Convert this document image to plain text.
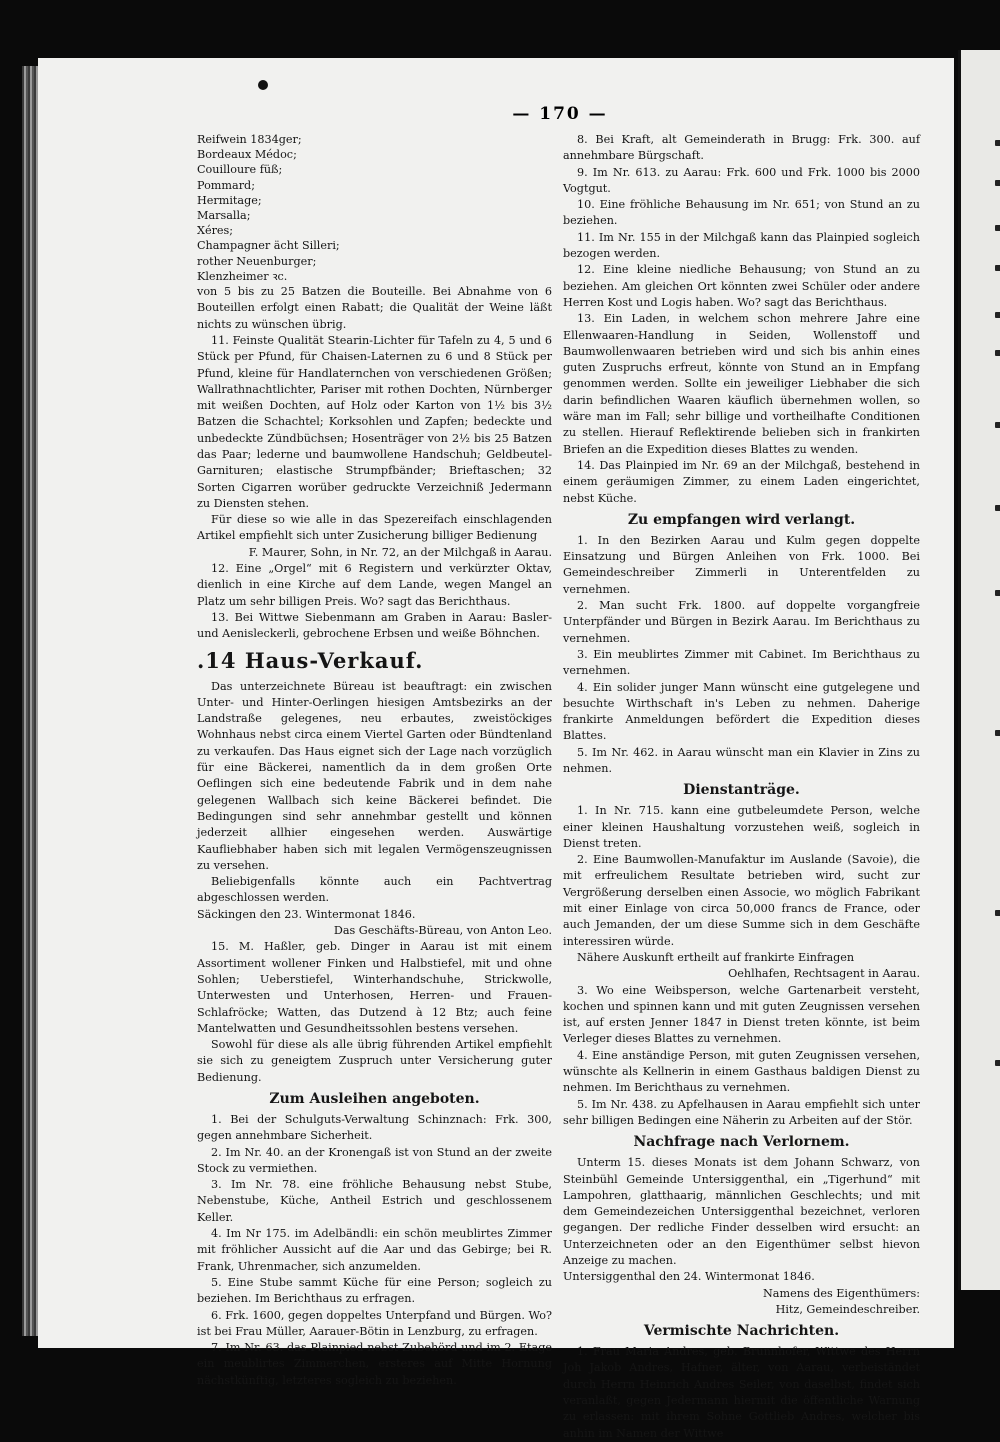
— 170 —

Reifwein 1834ger;

Bordeaux Médoc;

Couilloure füß;

Pommard;

Hermitage;

Marsalla;

Xéres;

Champagner ächt Silleri;

rother Neuenburger;

Klenzheimer ꝛc.

von 5 bis zu 25 Batzen die Bouteille. Bei Abnahme von 6 Bouteillen erfolgt einen Rabatt; die Qualität der Weine läßt nichts zu wünschen übrig.

11. Feinste Qualität Stearin-Lichter für Tafeln zu 4, 5 und 6 Stück per Pfund, für Chaisen-Laternen zu 6 und 8 Stück per Pfund, kleine für Handlaternchen von verschiedenen Größen; Wallrathnachtlichter, Pariser mit rothen Dochten, Nürnberger mit weißen Dochten, auf Holz oder Karton von 1½ bis 3½ Batzen die Schachtel; Korksohlen und Zapfen; bedeckte und unbedeckte Zündbüchsen; Hosenträger von 2½ bis 25 Batzen das Paar; lederne und baumwollene Handschuh; Geldbeutel-Garnituren; elastische Strumpfbänder; Brieftaschen; 32 Sorten Cigarren worüber gedruckte Verzeichniß Jedermann zu Diensten stehen.

Für diese so wie alle in das Spezereifach einschlagenden Artikel empfiehlt sich unter Zusicherung billiger Bedienung

F. Maurer, Sohn, in Nr. 72, an der Milchgaß in Aarau.

12. Eine „Orgel“ mit 6 Registern und verkürzter Oktav, dienlich in eine Kirche auf dem Lande, wegen Mangel an Platz um sehr billigen Preis. Wo? sagt das Berichthaus.

13. Bei Wittwe Siebenmann am Graben in Aarau: Basler- und Aenisleckerli, gebrochene Erbsen und weiße Böhnchen.

.14 Haus-Verkauf.

Das unterzeichnete Büreau ist beauftragt: ein zwischen Unter- und Hinter-Oerlingen hiesigen Amtsbezirks an der Landstraße gelegenes, neu erbautes, zweistöckiges Wohnhaus nebst circa einem Viertel Garten oder Bündtenland zu verkaufen. Das Haus eignet sich der Lage nach vorzüglich für eine Bäckerei, namentlich da in dem großen Orte Oeflingen sich eine bedeutende Fabrik und in dem nahe gelegenen Wallbach sich keine Bäckerei befindet. Die Bedingungen sind sehr annehmbar gestellt und können jederzeit allhier eingesehen werden. Auswärtige Kaufliebhaber haben sich mit legalen Vermögenszeugnissen zu versehen.

Beliebigenfalls könnte auch ein Pachtvertrag abgeschlossen werden.

Säckingen den 23. Wintermonat 1846.

Das Geschäfts-Büreau, von Anton Leo.

15. M. Haßler, geb. Dinger in Aarau ist mit einem Assortiment wollener Finken und Halbstiefel, mit und ohne Sohlen; Ueberstiefel, Winterhandschuhe, Strickwolle, Unterwesten und Unterhosen, Herren- und Frauen-Schlafröcke; Watten, das Dutzend à 12 Btz; auch feine Mantelwatten und Gesundheitssohlen bestens versehen.

Sowohl für diese als alle übrig führenden Artikel empfiehlt sie sich zu geneigtem Zuspruch unter Versicherung guter Bedienung.

Zum Ausleihen angeboten.

1. Bei der Schulguts-Verwaltung Schinznach: Frk. 300, gegen annehmbare Sicherheit.

2. Im Nr. 40. an der Kronengaß ist von Stund an der zweite Stock zu vermiethen.

3. Im Nr. 78. eine fröhliche Behausung nebst Stube, Nebenstube, Küche, Antheil Estrich und geschlossenem Keller.

4. Im Nr 175. im Adelbändli: ein schön meublirtes Zimmer mit fröhlicher Aussicht auf die Aar und das Gebirge; bei R. Frank, Uhrenmacher, sich anzumelden.

5. Eine Stube sammt Küche für eine Person; sogleich zu beziehen. Im Berichthaus zu erfragen.

6. Frk. 1600, gegen doppeltes Unterpfand und Bürgen. Wo? ist bei Frau Müller, Aarauer-Bötin in Lenzburg, zu erfragen.

7. Im Nr. 63. das Plainpied nebst Zubehörd und im 2. Etage ein meublirtes Zimmerchen, ersteres auf Mitte Hornung nächstkünftig, letzteres sogleich zu beziehen.

8. Bei Kraft, alt Gemeinderath in Brugg: Frk. 300. auf annehmbare Bürgschaft.

9. Im Nr. 613. zu Aarau: Frk. 600 und Frk. 1000 bis 2000 Vogtgut.

10. Eine fröhliche Behausung im Nr. 651; von Stund an zu beziehen.

11. Im Nr. 155 in der Milchgaß kann das Plainpied sogleich bezogen werden.

12. Eine kleine niedliche Behausung; von Stund an zu beziehen. Am gleichen Ort könnten zwei Schüler oder andere Herren Kost und Logis haben. Wo? sagt das Berichthaus.

13. Ein Laden, in welchem schon mehrere Jahre eine Ellenwaaren-Handlung in Seiden, Wollenstoff und Baumwollenwaaren betrieben wird und sich bis anhin eines guten Zuspruchs erfreut, könnte von Stund an in Empfang genommen werden. Sollte ein jeweiliger Liebhaber die sich darin befindlichen Waaren käuflich übernehmen wollen, so wäre man im Fall; sehr billige und vortheilhafte Conditionen zu stellen. Hierauf Reflektirende belieben sich in frankirten Briefen an die Expedition dieses Blattes zu wenden.

14. Das Plainpied im Nr. 69 an der Milchgaß, bestehend in einem geräumigen Zimmer, zu einem Laden eingerichtet, nebst Küche.

Zu empfangen wird verlangt.

1. In den Bezirken Aarau und Kulm gegen doppelte Einsatzung und Bürgen Anleihen von Frk. 1000. Bei Gemeindeschreiber Zimmerli in Unterentfelden zu vernehmen.

2. Man sucht Frk. 1800. auf doppelte vorgangfreie Unterpfänder und Bürgen in Bezirk Aarau. Im Berichthaus zu vernehmen.

3. Ein meublirtes Zimmer mit Cabinet. Im Berichthaus zu vernehmen.

4. Ein solider junger Mann wünscht eine gutgelegene und besuchte Wirthschaft in's Leben zu nehmen. Daherige frankirte Anmeldungen befördert die Expedition dieses Blattes.

5. Im Nr. 462. in Aarau wünscht man ein Klavier in Zins zu nehmen.

Dienstanträge.

1. In Nr. 715. kann eine gutbeleumdete Person, welche einer kleinen Haushaltung vorzustehen weiß, sogleich in Dienst treten.

2. Eine Baumwollen-Manufaktur im Auslande (Savoie), die mit erfreulichem Resultate betrieben wird, sucht zur Vergrößerung derselben einen Associe, wo möglich Fabrikant mit einer Einlage von circa 50,000 francs de France, oder auch Jemanden, der um diese Summe sich in dem Geschäfte interessiren würde.

Nähere Auskunft ertheilt auf frankirte Einfragen

Oehlhafen, Rechtsagent in Aarau.

3. Wo eine Weibsperson, welche Gartenarbeit versteht, kochen und spinnen kann und mit guten Zeugnissen versehen ist, auf ersten Jenner 1847 in Dienst treten könnte, ist beim Verleger dieses Blattes zu vernehmen.

4. Eine anständige Person, mit guten Zeugnissen versehen, wünschte als Kellnerin in einem Gasthaus baldigen Dienst zu nehmen. Im Berichthaus zu vernehmen.

5. Im Nr. 438. zu Apfelhausen in Aarau empfiehlt sich unter sehr billigen Bedingen eine Näherin zu Arbeiten auf der Stör.

Nachfrage nach Verlornem.

Unterm 15. dieses Monats ist dem Johann Schwarz, von Steinbühl Gemeinde Untersiggenthal, ein „Tigerhund“ mit Lampohren, glatthaarig, männlichen Geschlechts; und mit dem Gemeindezeichen Untersiggenthal bezeichnet, verloren gegangen. Der redliche Finder desselben wird ersucht: an Unterzeichneten oder an den Eigenthümer selbst hievon Anzeige zu machen.

Untersiggenthal den 24. Wintermonat 1846.

Namens des Eigenthümers:

Hitz, Gemeindeschreiber.

Vermischte Nachrichten.

1. Frau Maria Andres, geb. Brunnhofer, Wittwe des Herrn Joh Jakob Andres, Hafner, älter, von Aarau, verbeiständet durch Herrn Heinrich Andres Seiler, von daselbst, findet sich veranlaßt, gegen Jedermann hiermit die öffentliche Warnung zu erlassen: mit ihrem Sohne Gottlieb Andres, welcher bis anhin im Namen der Wittwe
